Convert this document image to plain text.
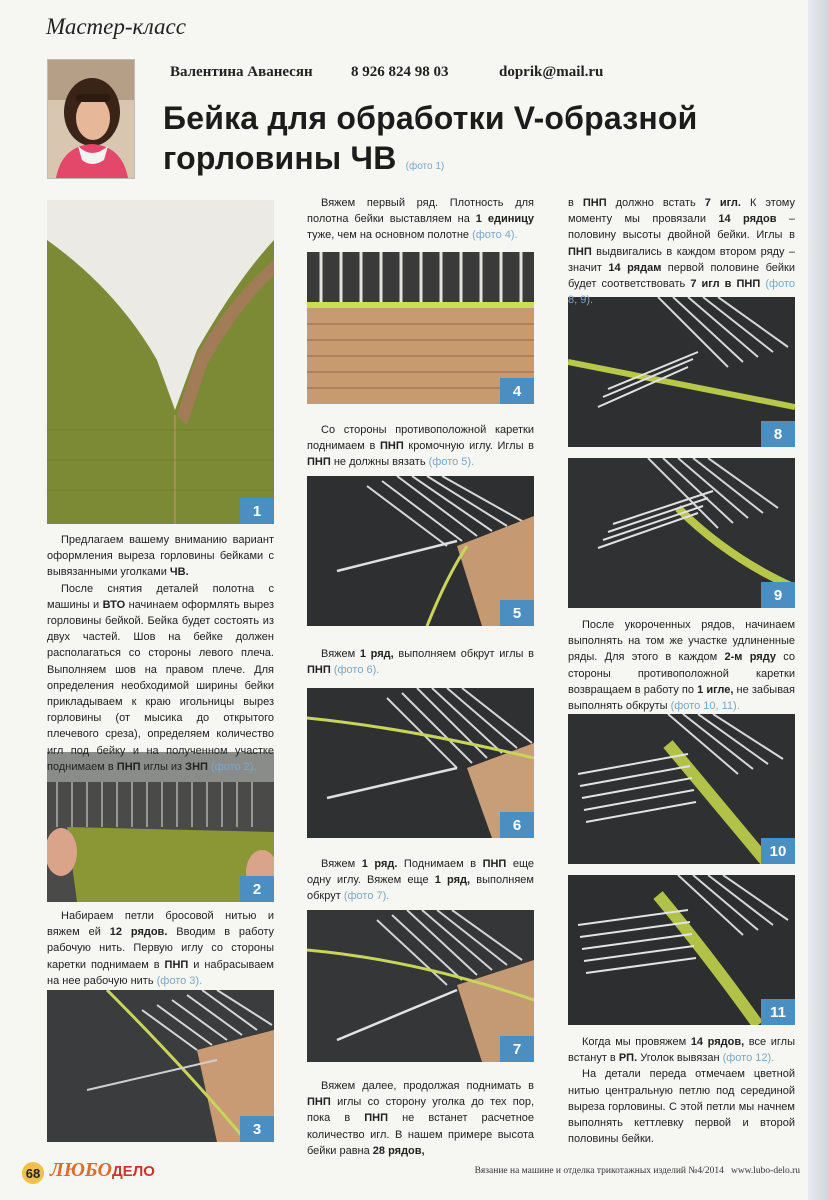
Мастер-класс
Валентина Аванесян	8 926 824 98 03	doprik@mail.ru
Бейка для обработки V-образной
горловины ЧВ (фото 1)
1
2
3
4
5
6
7
8
9
10
11

Предлагаем вашему вниманию вариант оформления выреза горловины бейками с вывязанными уголками ЧВ.

После снятия деталей полотна с машины и ВТО начинаем оформлять вырез горловины бейкой. Бейка будет состоять из двух частей. Шов на бейке должен располагаться со стороны левого плеча. Выполняем шов на правом плече. Для определения необходимой ширины бейки прикладываем к краю игольницы вырез горловины (от мысика до открытого плечевого среза), определяем количество игл под бейку и на полученном участке поднимаем в ПНП иглы из ЗНП (фото 2).

Набираем петли бросовой нитью и вяжем ей 12 рядов. Вводим в работу рабочую нить. Первую иглу со стороны каретки поднимаем в ПНП и набрасываем на нее рабочую нить (фото 3).

Вяжем первый ряд. Плотность для полотна бейки выставляем на 1 единицу туже, чем на основном полотне (фото 4).

Со стороны противоположной каретки поднимаем в ПНП кромочную иглу. Иглы в ПНП не должны вязать (фото 5).

Вяжем 1 ряд, выполняем обкрут иглы в ПНП (фото 6).

Вяжем 1 ряд. Поднимаем в ПНП еще одну иглу. Вяжем еще 1 ряд, выполняем обкрут (фото 7).

Вяжем далее, продолжая поднимать в ПНП иглы со сторону уголка до тех пор, пока в ПНП не встанет расчетное количество игл. В нашем примере высота бейки равна 28 рядов,

в ПНП должно встать 7 игл. К этому моменту мы провязали 14 рядов – половину высоты двойной бейки. Иглы в ПНП выдвигались в каждом втором ряду – значит 14 рядам первой половине бейки будет соответствовать 7 игл в ПНП (фото 8, 9).

После укороченных рядов, начинаем выполнять на том же участке удлиненные ряды. Для этого в каждом 2-м ряду со стороны противоположной каретки возвращаем в работу по 1 игле, не забывая выполнять обкруты (фото 10, 11).

Когда мы провяжем 14 рядов, все иглы встанут в РП. Уголок вывязан (фото 12).

На детали переда отмечаем цветной нитью центральную петлю под серединой выреза горловины. С этой петли мы начнем выполнять кеттлевку первой и второй половины бейки.

68 ЛЮБОДЕЛО	Вязание на машине и отделка трикотажных изделий №4/2014 www.lubo-delo.ru
